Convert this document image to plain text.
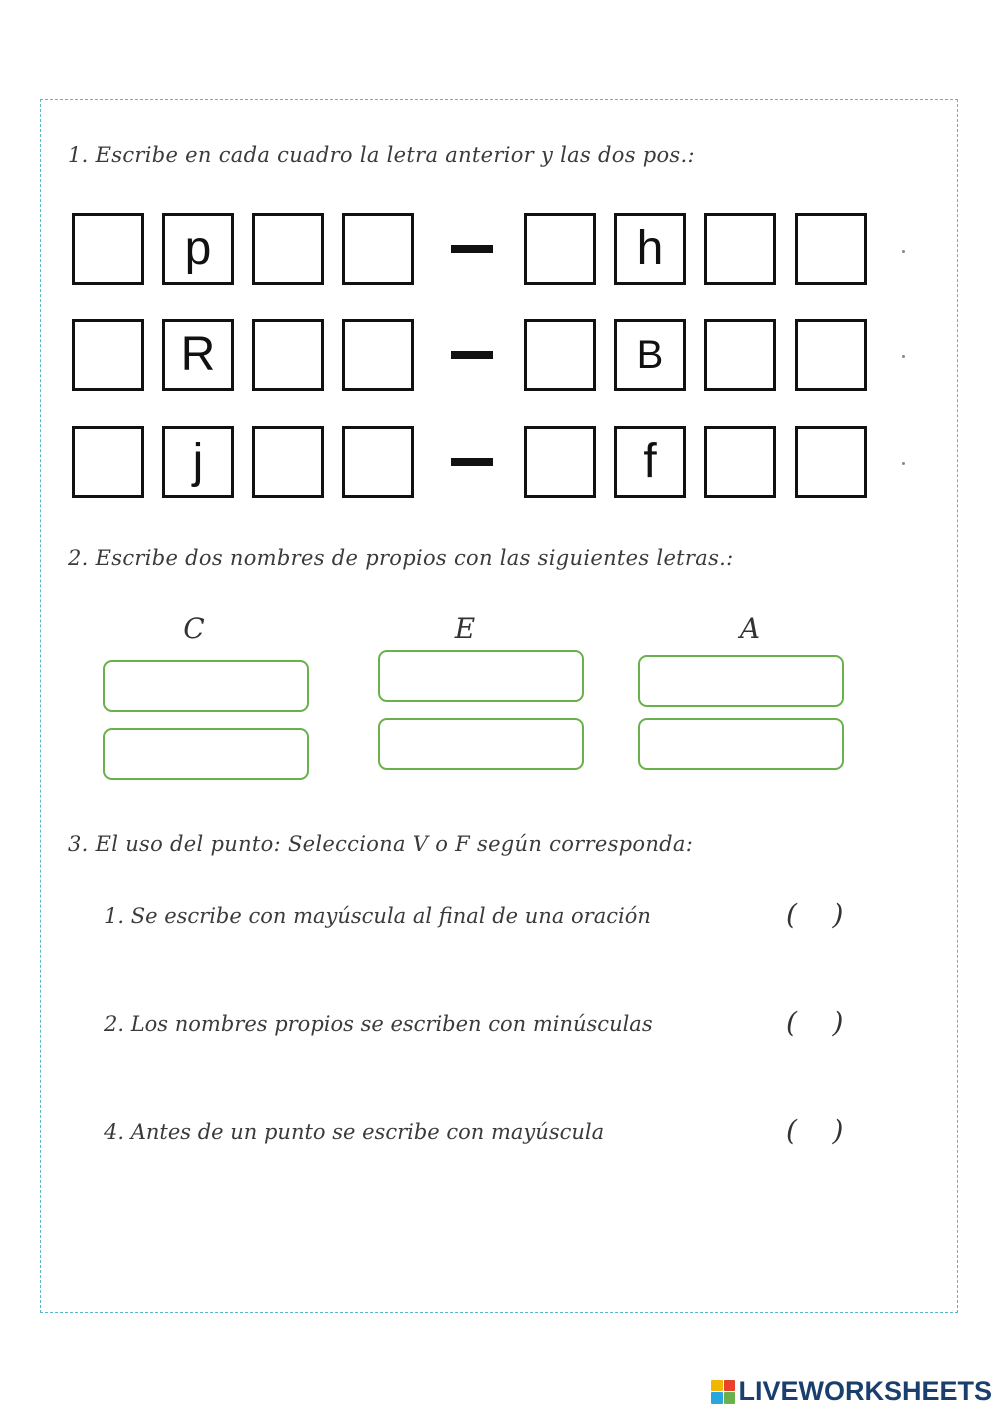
1. Escribe en cada cuadro la letra anterior y las dos pos.:
p	h
R	B
j	f
2. Escribe dos nombres de propios con las siguientes letras.:
C	E	A
3. El uso del punto: Selecciona V o F según corresponda:
1. Se escribe con mayúscula al final de una oración	(    )
2. Los nombres propios se escriben con minúsculas	(    )
4. Antes de un punto se escribe con mayúscula	(    )
LIVEWORKSHEETS
